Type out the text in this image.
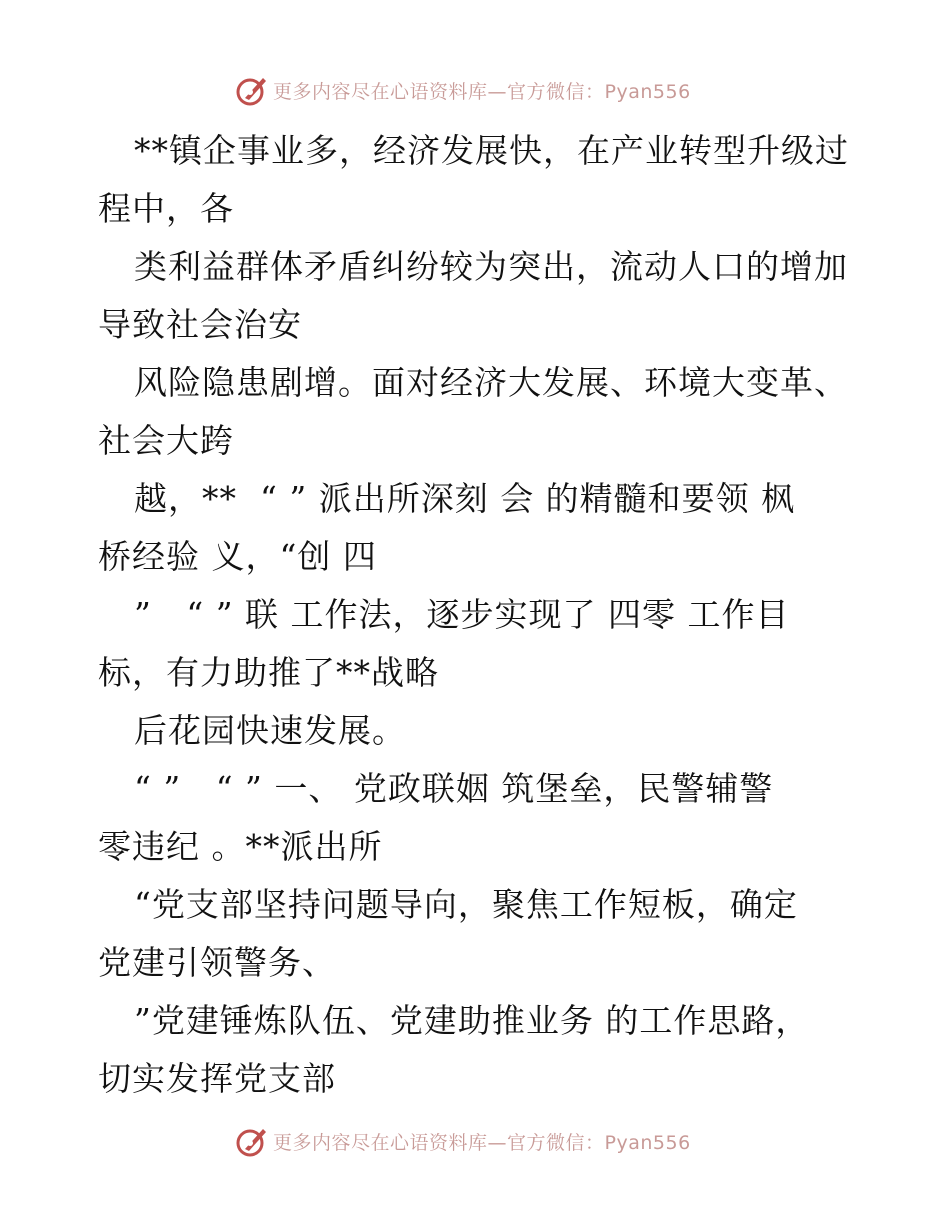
更多内容尽在心语资料库—官方微信：Pyan556
**镇企事业多，经济发展快，在产业转型升级过
程中，各
类利益群体矛盾纠纷较为突出，流动人口的增加
导致社会治安
风险隐患剧增。面对经济大发展、环境大变革、
社会大跨
越，**  “ ” 派出所深刻 会 的精髓和要领 枫
桥经验 义，“创 四
”   “ ” 联 工作法，逐步实现了 四零 工作目
标，有力助推了**战略
后花园快速发展。
“ ”   “ ” 一、 党政联姻 筑堡垒，民警辅警
零违纪 。**派出所
“党支部坚持问题导向，聚焦工作短板，确定
党建引领警务、
”党建锤炼队伍、党建助推业务 的工作思路，
切实发挥党支部
更多内容尽在心语资料库—官方微信：Pyan556
